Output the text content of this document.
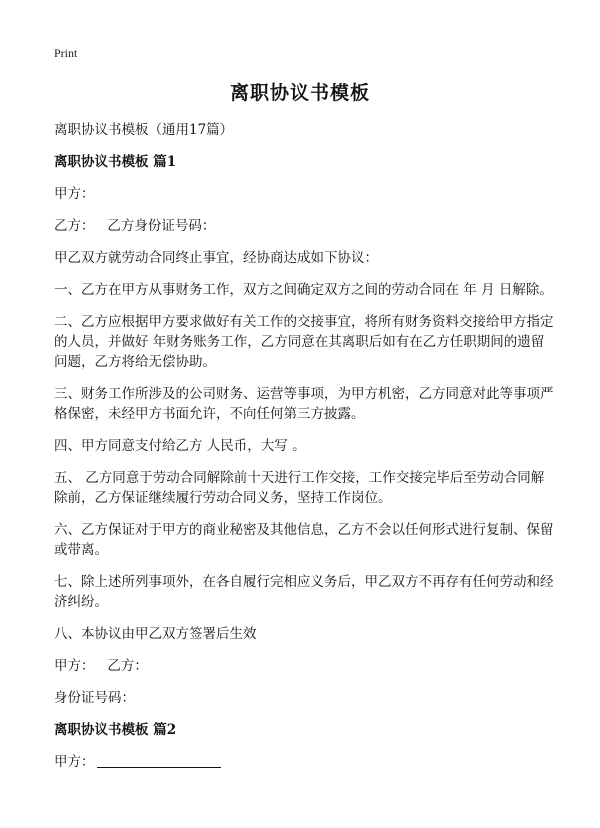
Print
离职协议书模板
离职协议书模板（通用17篇）
离职协议书模板 篇1
甲方：
乙方：   乙方身份证号码：
甲乙双方就劳动合同终止事宜，经协商达成如下协议：
一、乙方在甲方从事财务工作，双方之间确定双方之间的劳动合同在 年 月 日解除。
二、乙方应根据甲方要求做好有关工作的交接事宜，将所有财务资料交接给甲方指定的人员，并做好 年财务账务工作，乙方同意在其离职后如有在乙方任职期间的遗留问题，乙方将给无偿协助。
三、财务工作所涉及的公司财务、运营等事项，为甲方机密，乙方同意对此等事项严格保密，未经甲方书面允许，不向任何第三方披露。
四、甲方同意支付给乙方 人民币，大写 。
五、 乙方同意于劳动合同解除前十天进行工作交接，工作交接完毕后至劳动合同解除前，乙方保证继续履行劳动合同义务，坚持工作岗位。
六、乙方保证对于甲方的商业秘密及其他信息，乙方不会以任何形式进行复制、保留或带离。
七、除上述所列事项外，在各自履行完相应义务后，甲乙双方不再存有任何劳动和经济纠纷。
八、本协议由甲乙双方签署后生效
甲方：   乙方：
身份证号码：
离职协议书模板 篇2
甲方：
